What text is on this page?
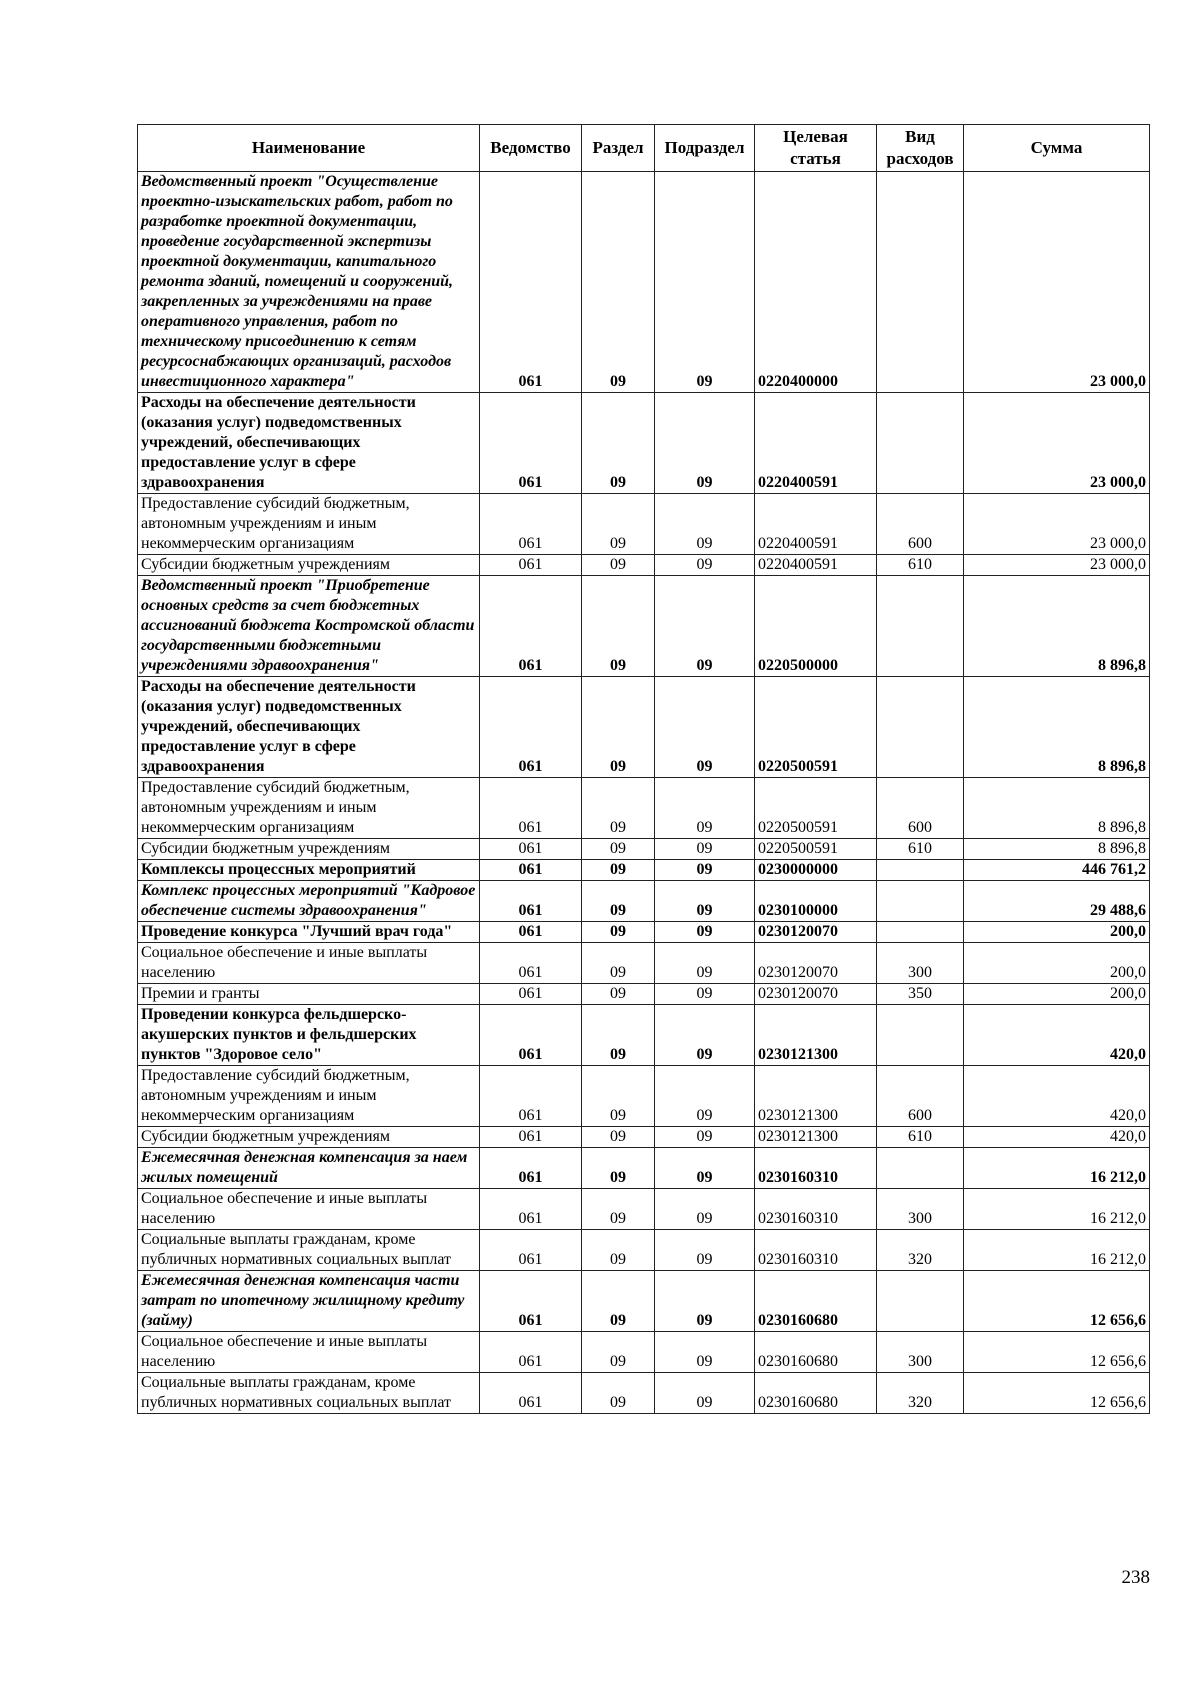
Наименование	Ведомство	Раздел	Подраздел	Целевая статья	Вид расходов	Сумма
Ведомственный проект "Осуществление проектно-изыскательских работ, работ по разработке проектной документации, проведение государственной экспертизы проектной документации, капитального ремонта зданий, помещений и сооружений, закрепленных за учреждениями на праве оперативного управления, работ по техническому присоединению к сетям ресурсоснабжающих организаций, расходов инвестиционного характера"	061	09	09	0220400000		23 000,0
Расходы на обеспечение деятельности (оказания услуг) подведомственных учреждений, обеспечивающих предоставление услуг в сфере здравоохранения	061	09	09	0220400591		23 000,0
Предоставление субсидий бюджетным, автономным учреждениям и иным некоммерческим организациям	061	09	09	0220400591	600	23 000,0
Субсидии бюджетным учреждениям	061	09	09	0220400591	610	23 000,0
Ведомственный проект "Приобретение основных средств за счет бюджетных ассигнований бюджета Костромской области государственными бюджетными учреждениями здравоохранения"	061	09	09	0220500000		8 896,8
Расходы на обеспечение деятельности (оказания услуг) подведомственных учреждений, обеспечивающих предоставление услуг в сфере здравоохранения	061	09	09	0220500591		8 896,8
Предоставление субсидий бюджетным, автономным учреждениям и иным некоммерческим организациям	061	09	09	0220500591	600	8 896,8
Субсидии бюджетным учреждениям	061	09	09	0220500591	610	8 896,8
Комплексы процессных мероприятий	061	09	09	0230000000		446 761,2
Комплекс процессных мероприятий "Кадровое обеспечение системы здравоохранения"	061	09	09	0230100000		29 488,6
Проведение конкурса "Лучший врач года"	061	09	09	0230120070		200,0
Социальное обеспечение и иные выплаты населению	061	09	09	0230120070	300	200,0
Премии и гранты	061	09	09	0230120070	350	200,0
Проведении конкурса фельдшерско-акушерских пунктов и фельдшерских пунктов "Здоровое село"	061	09	09	0230121300		420,0
Предоставление субсидий бюджетным, автономным учреждениям и иным некоммерческим организациям	061	09	09	0230121300	600	420,0
Субсидии бюджетным учреждениям	061	09	09	0230121300	610	420,0
Ежемесячная денежная компенсация за наем жилых помещений	061	09	09	0230160310		16 212,0
Социальное обеспечение и иные выплаты населению	061	09	09	0230160310	300	16 212,0
Социальные выплаты гражданам, кроме публичных нормативных социальных выплат	061	09	09	0230160310	320	16 212,0
Ежемесячная денежная компенсация части затрат по ипотечному жилищному кредиту (займу)	061	09	09	0230160680		12 656,6
Социальное обеспечение и иные выплаты населению	061	09	09	0230160680	300	12 656,6
Социальные выплаты гражданам, кроме публичных нормативных социальных выплат	061	09	09	0230160680	320	12 656,6
238
